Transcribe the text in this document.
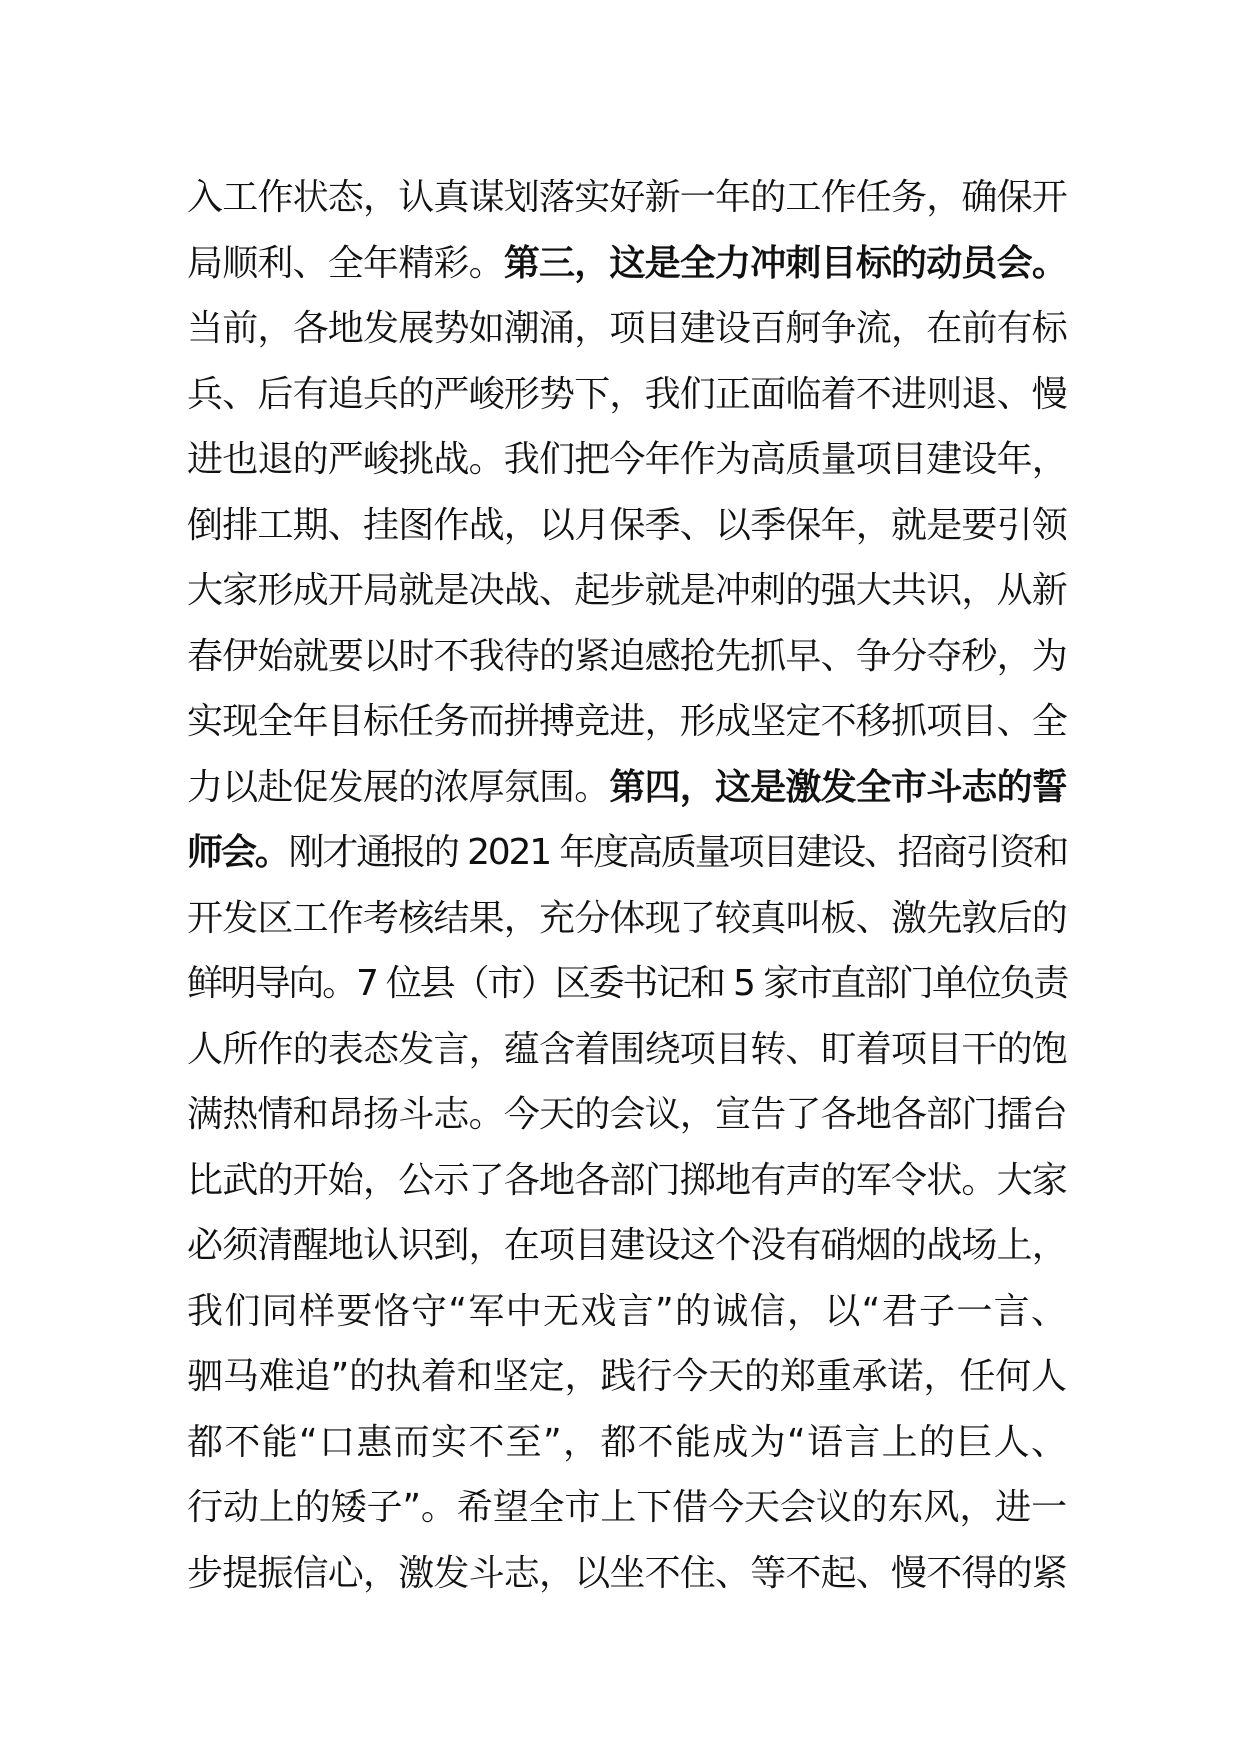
入工作状态，认真谋划落实好新一年的工作任务，确保开
局顺利、全年精彩。第三，这是全力冲刺目标的动员会。
当前，各地发展势如潮涌，项目建设百舸争流，在前有标
兵、后有追兵的严峻形势下，我们正面临着不进则退、慢
进也退的严峻挑战。我们把今年作为高质量项目建设年，
倒排工期、挂图作战，以月保季、以季保年，就是要引领
大家形成开局就是决战、起步就是冲刺的强大共识，从新
春伊始就要以时不我待的紧迫感抢先抓早、争分夺秒，为
实现全年目标任务而拼搏竞进，形成坚定不移抓项目、全
力以赴促发展的浓厚氛围。第四，这是激发全市斗志的誓
师会。刚才通报的 2021 年度高质量项目建设、招商引资和
开发区工作考核结果，充分体现了较真叫板、激先敦后的
鲜明导向。7 位县（市）区委书记和 5 家市直部门单位负责
人所作的表态发言，蕴含着围绕项目转、盯着项目干的饱
满热情和昂扬斗志。今天的会议，宣告了各地各部门擂台
比武的开始，公示了各地各部门掷地有声的军令状。大家
必须清醒地认识到，在项目建设这个没有硝烟的战场上，
我们同样要恪守“军中无戏言”的诚信，以“君子一言、
驷马难追”的执着和坚定，践行今天的郑重承诺，任何人
都不能“口惠而实不至”，都不能成为“语言上的巨人、
行动上的矮子”。希望全市上下借今天会议的东风，进一
步提振信心，激发斗志，以坐不住、等不起、慢不得的紧
